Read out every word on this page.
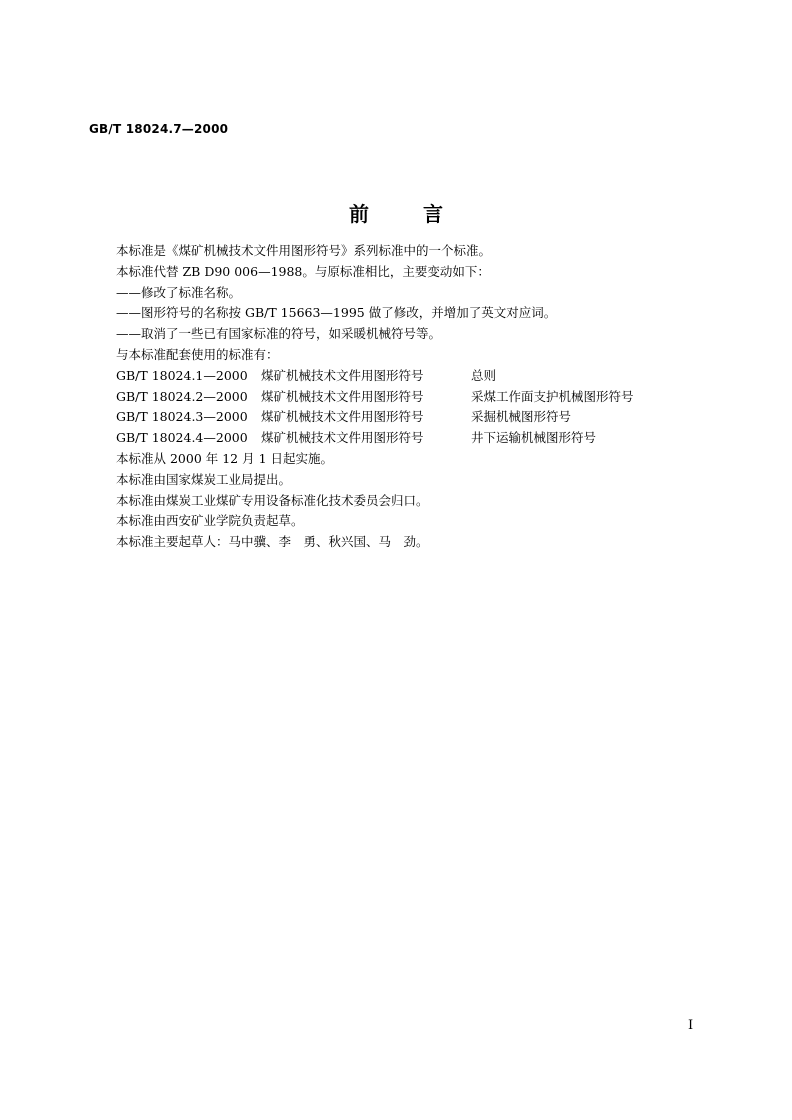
GB/T 18024.7—2000
前	言
本标准是《煤矿机械技术文件用图形符号》系列标准中的一个标准。
本标准代替 ZB D90 006—1988。与原标准相比，主要变动如下：
——修改了标准名称。
——图形符号的名称按 GB/T 15663—1995 做了修改，并增加了英文对应词。
——取消了一些已有国家标准的符号，如采暖机械符号等。
与本标准配套使用的标准有：
GB/T 18024.1—2000	煤矿机械技术文件用图形符号	总则
GB/T 18024.2—2000	煤矿机械技术文件用图形符号	采煤工作面支护机械图形符号
GB/T 18024.3—2000	煤矿机械技术文件用图形符号	采掘机械图形符号
GB/T 18024.4—2000	煤矿机械技术文件用图形符号	井下运输机械图形符号
本标准从 2000 年 12 月 1 日起实施。
本标准由国家煤炭工业局提出。
本标准由煤炭工业煤矿专用设备标准化技术委员会归口。
本标准由西安矿业学院负责起草。
本标准主要起草人：马中骥、李　勇、秋兴国、马　劲。
I
